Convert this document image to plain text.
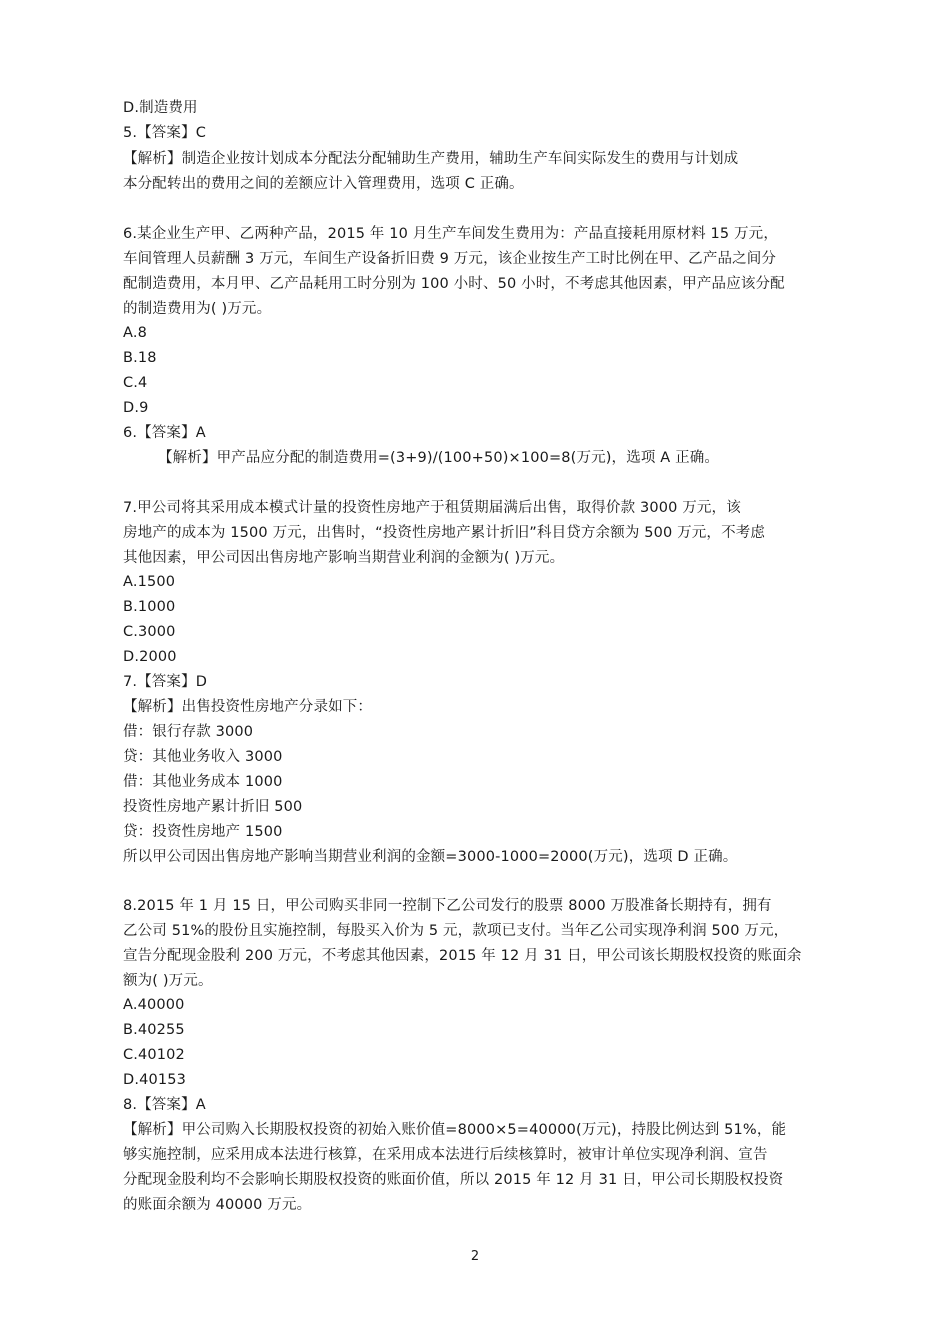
D.制造费用
5.【答案】C
【解析】制造企业按计划成本分配法分配辅助生产费用，辅助生产车间实际发生的费用与计划成
本分配转出的费用之间的差额应计入管理费用，选项 C 正确。
6.某企业生产甲、乙两种产品，2015 年 10 月生产车间发生费用为：产品直接耗用原材料 15 万元，
车间管理人员薪酬 3 万元，车间生产设备折旧费 9 万元，该企业按生产工时比例在甲、乙产品之间分
配制造费用，本月甲、乙产品耗用工时分别为 100 小时、50 小时，不考虑其他因素，甲产品应该分配
的制造费用为( )万元。
A.8
B.18
C.4
D.9
6.【答案】A
【解析】甲产品应分配的制造费用=(3+9)/(100+50)×100=8(万元)，选项 A 正确。
7.甲公司将其采用成本模式计量的投资性房地产于租赁期届满后出售，取得价款 3000 万元，该
房地产的成本为 1500 万元，出售时，“投资性房地产累计折旧”科目贷方余额为 500 万元，不考虑
其他因素，甲公司因出售房地产影响当期营业利润的金额为( )万元。
A.1500
B.1000
C.3000
D.2000
7.【答案】D
【解析】出售投资性房地产分录如下：
借：银行存款 3000
贷：其他业务收入 3000
借：其他业务成本 1000
投资性房地产累计折旧 500
贷：投资性房地产 1500
所以甲公司因出售房地产影响当期营业利润的金额=3000-1000=2000(万元)，选项 D 正确。
8.2015 年 1 月 15 日，甲公司购买非同一控制下乙公司发行的股票 8000 万股准备长期持有，拥有
乙公司 51%的股份且实施控制，每股买入价为 5 元，款项已支付。当年乙公司实现净利润 500 万元，
宣告分配现金股利 200 万元，不考虑其他因素，2015 年 12 月 31 日，甲公司该长期股权投资的账面余
额为( )万元。
A.40000
B.40255
C.40102
D.40153
8.【答案】A
【解析】甲公司购入长期股权投资的初始入账价值=8000×5=40000(万元)，持股比例达到 51%，能
够实施控制，应采用成本法进行核算，在采用成本法进行后续核算时，被审计单位实现净利润、宣告
分配现金股利均不会影响长期股权投资的账面价值，所以 2015 年 12 月 31 日，甲公司长期股权投资
的账面余额为 40000 万元。
2
